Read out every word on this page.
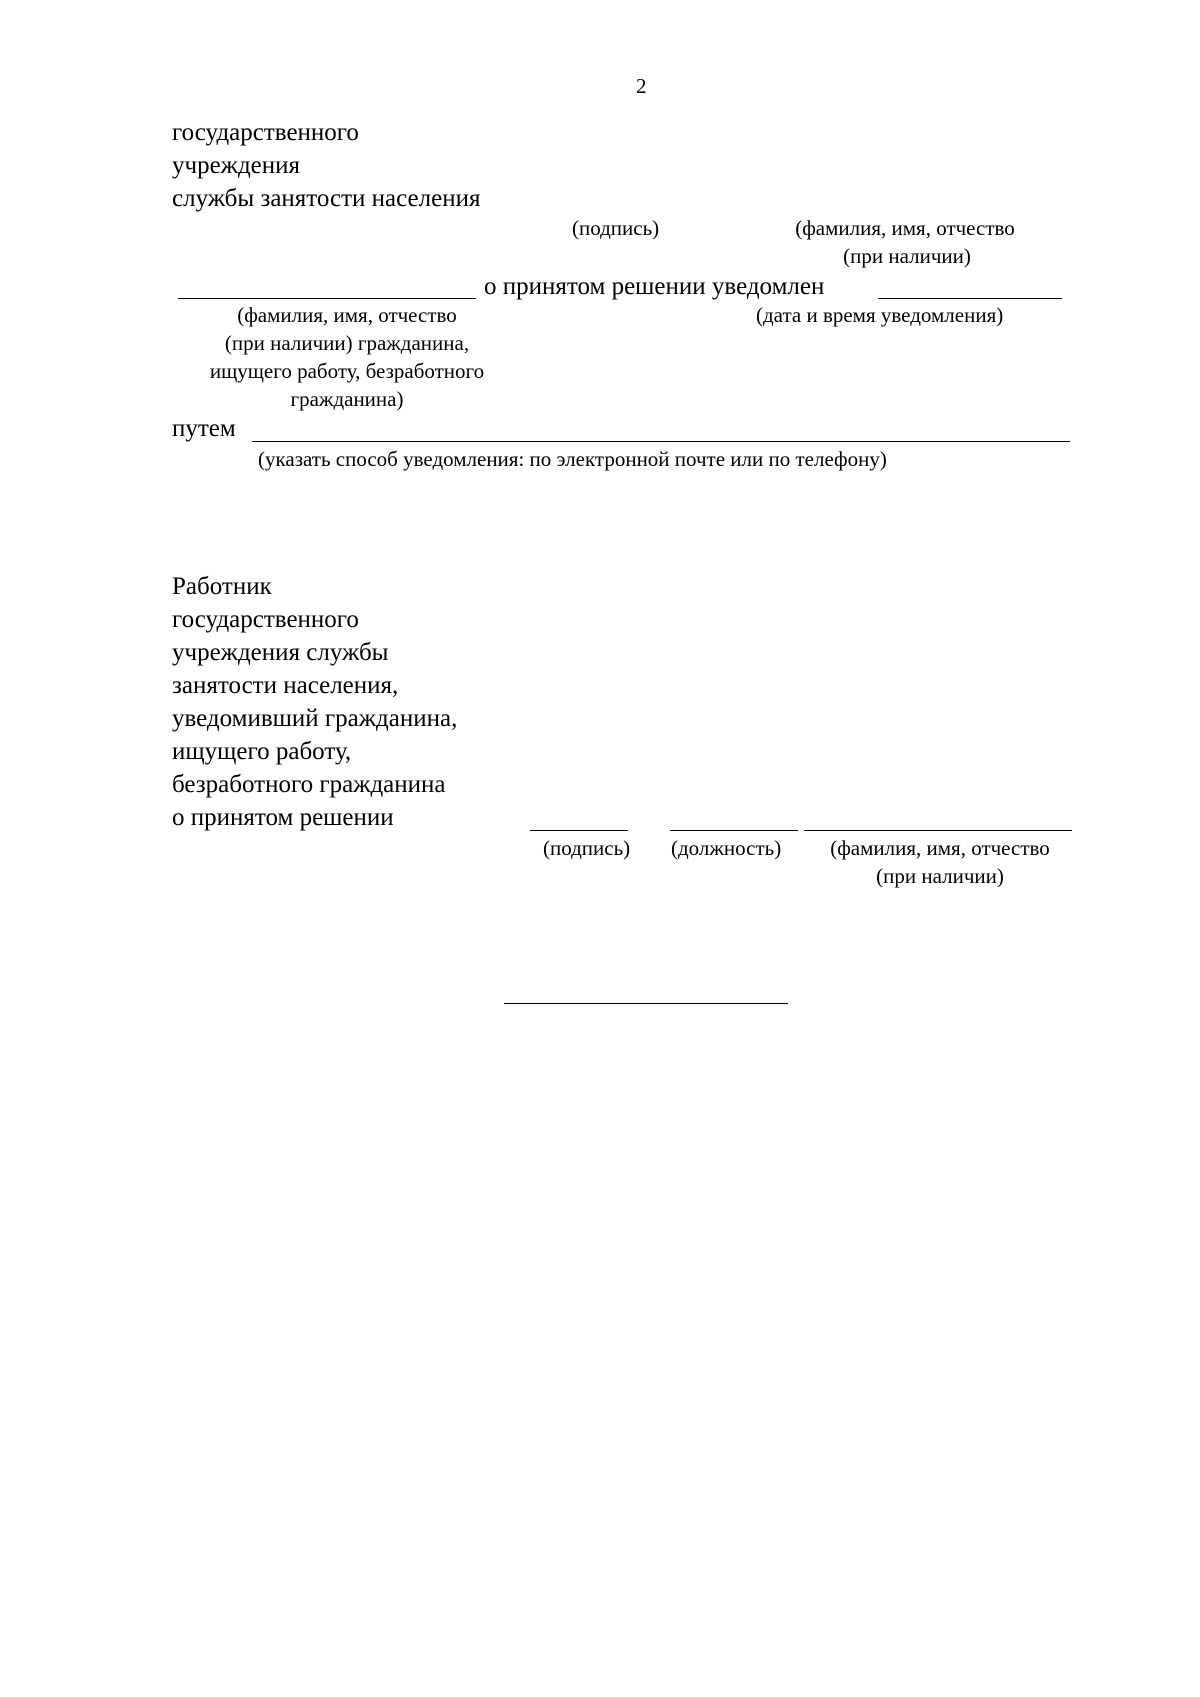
2
государственного
учреждения
службы занятости населения
(подпись)	(фамилия, имя, отчество
(при наличии)
о принятом решении уведомлен
(фамилия, имя, отчество
(при наличии) гражданина,
ищущего работу, безработного
гражданина)
(дата и время уведомления)
путем
(указать способ уведомления: по электронной почте или по телефону)
Работник
государственного
учреждения службы
занятости населения,
уведомивший гражданина,
ищущего работу,
безработного гражданина
о принятом решении
(подпись) (должность)	(фамилия, имя, отчество
(при наличии)
